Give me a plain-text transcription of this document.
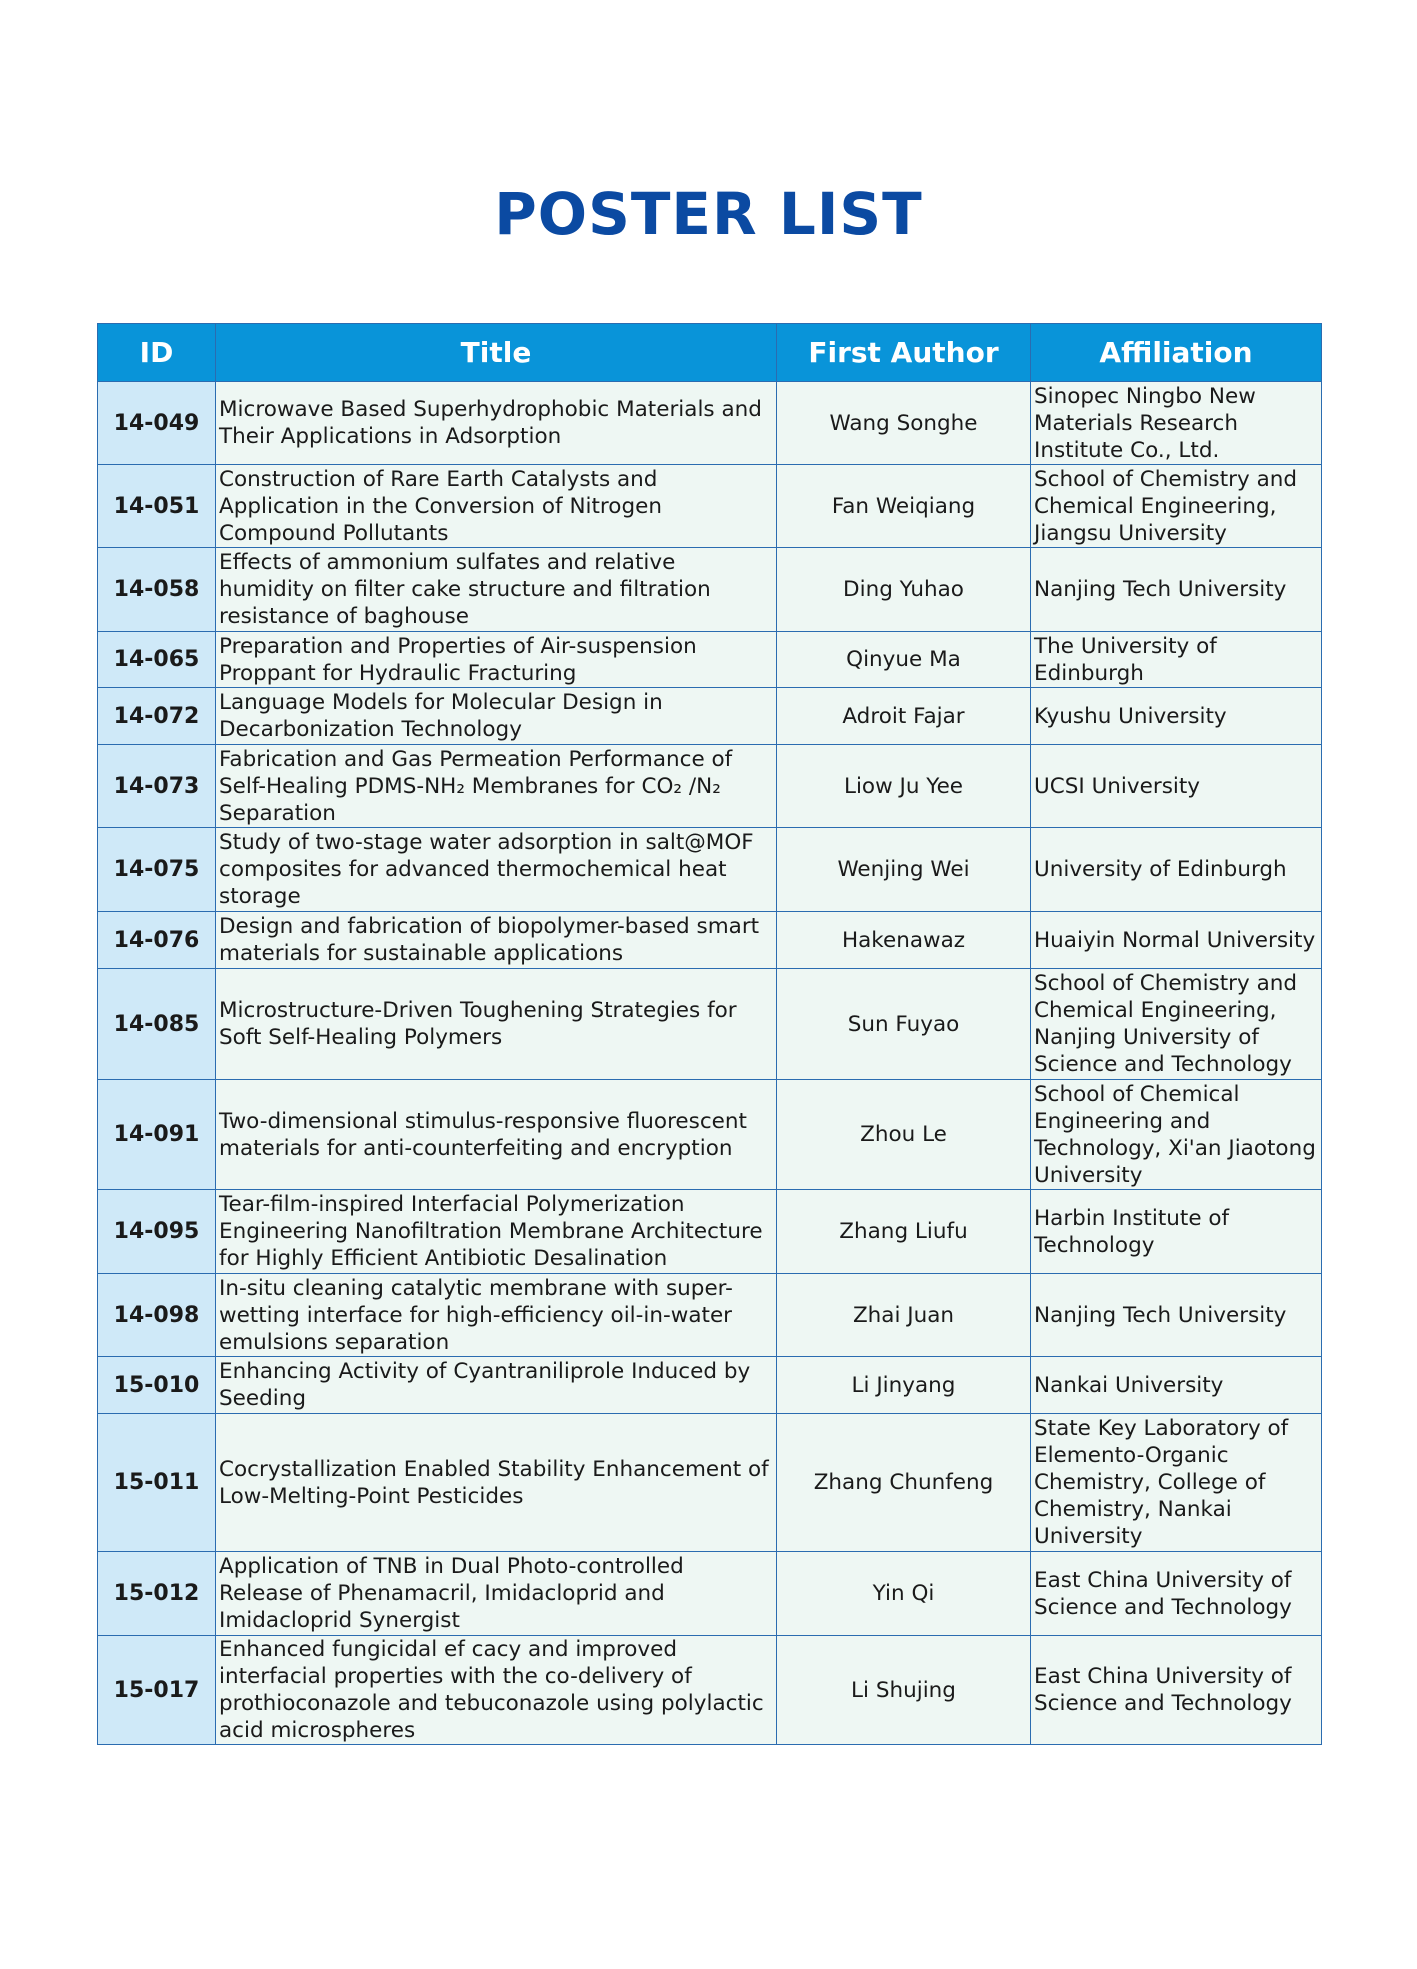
POSTER LIST
ID	Title	First Author	Affiliation
14-049	Microwave Based Superhydrophobic Materials and Their Applications in Adsorption	Wang Songhe	Sinopec Ningbo New Materials Research Institute Co., Ltd.
14-051	Construction of Rare Earth Catalysts and Application in the Conversion of Nitrogen Compound Pollutants	Fan Weiqiang	School of Chemistry and Chemical Engineering, Jiangsu University
14-058	Effects of ammonium sulfates and relative humidity on filter cake structure and filtration resistance of baghouse	Ding Yuhao	Nanjing Tech University
14-065	Preparation and Properties of Air-suspension Proppant for Hydraulic Fracturing	Qinyue Ma	The University of Edinburgh
14-072	Language Models for Molecular Design in Decarbonization Technology	Adroit Fajar	Kyushu University
14-073	Fabrication and Gas Permeation Performance of Self-Healing PDMS-NH₂ Membranes for CO₂ /N₂ Separation	Liow Ju Yee	UCSI University
14-075	Study of two-stage water adsorption in salt@MOF composites for advanced thermochemical heat storage	Wenjing Wei	University of Edinburgh
14-076	Design and fabrication of biopolymer-based smart materials for sustainable applications	Hakenawaz	Huaiyin Normal University
14-085	Microstructure-Driven Toughening Strategies for Soft Self-Healing Polymers	Sun Fuyao	School of Chemistry and Chemical Engineering, Nanjing University of Science and Technology
14-091	Two-dimensional stimulus-responsive fluorescent materials for anti-counterfeiting and encryption	Zhou Le	School of Chemical Engineering and Technology, Xi'an Jiaotong University
14-095	Tear-film-inspired Interfacial Polymerization Engineering Nanofiltration Membrane Architecture for Highly Efficient Antibiotic Desalination	Zhang Liufu	Harbin Institute of Technology
14-098	In-situ cleaning catalytic membrane with super-wetting interface for high-efficiency oil-in-water emulsions separation	Zhai Juan	Nanjing Tech University
15-010	Enhancing Activity of Cyantraniliprole Induced by Seeding	Li Jinyang	Nankai University
15-011	Cocrystallization Enabled Stability Enhancement of Low-Melting-Point Pesticides	Zhang Chunfeng	State Key Laboratory of Elemento-Organic Chemistry, College of Chemistry, Nankai University
15-012	Application of TNB in Dual Photo-controlled Release of Phenamacril, Imidacloprid and Imidacloprid Synergist	Yin Qi	East China University of Science and Technology
15-017	Enhanced fungicidal ef cacy and improved interfacial properties with the co-delivery of prothioconazole and tebuconazole using polylactic acid microspheres	Li Shujing	East China University of Science and Technology
